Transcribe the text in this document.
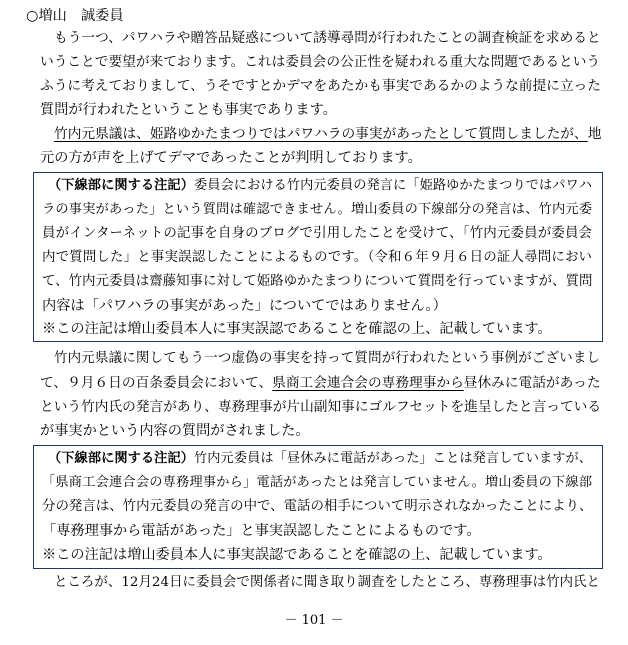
○増山　誠委員
もう一つ、パワハラや贈答品疑惑について誘導尋問が行われたことの調査検証を求めると
いうことで要望が来ております。これは委員会の公正性を疑われる重大な問題であるという
ふうに考えておりまして、うそですとかデマをあたかも事実であるかのような前提に立った
質問が行われたということも事実であります。
竹内元県議は、姫路ゆかたまつりではパワハラの事実があったとして質問しましたが、地
元の方が声を上げてデマであったことが判明しております。
（下線部に関する注記）委員会における竹内元委員の発言に「姫路ゆかたまつりではパワハ
ラの事実があった」という質問は確認できません。増山委員の下線部分の発言は、竹内元委
員がインターネットの記事を自身のブログで引用したことを受けて、「竹内元委員が委員会
内で質問した」と事実誤認したことによるものです。（令和６年９月６日の証人尋問におい
て、竹内元委員は齋藤知事に対して姫路ゆかたまつりについて質問を行っていますが、質問
内容は「パワハラの事実があった」についてではありません。）
※この注記は増山委員本人に事実誤認であることを確認の上、記載しています。
竹内元県議に関してもう一つ虚偽の事実を持って質問が行われたという事例がございまし
て、９月６日の百条委員会において、県商工会連合会の専務理事から昼休みに電話があった
という竹内氏の発言があり、専務理事が片山副知事にゴルフセットを進呈したと言っている
が事実かという内容の質問がされました。
（下線部に関する注記）竹内元委員は「昼休みに電話があった」ことは発言していますが、
「県商工会連合会の専務理事から」電話があったとは発言していません。増山委員の下線部
分の発言は、竹内元委員の発言の中で、電話の相手について明示されなかったことにより、
「専務理事から電話があった」と事実誤認したことによるものです。
※この注記は増山委員本人に事実誤認であることを確認の上、記載しています。
ところが、12月24日に委員会で関係者に聞き取り調査をしたところ、専務理事は竹内氏と
－ 101 －
